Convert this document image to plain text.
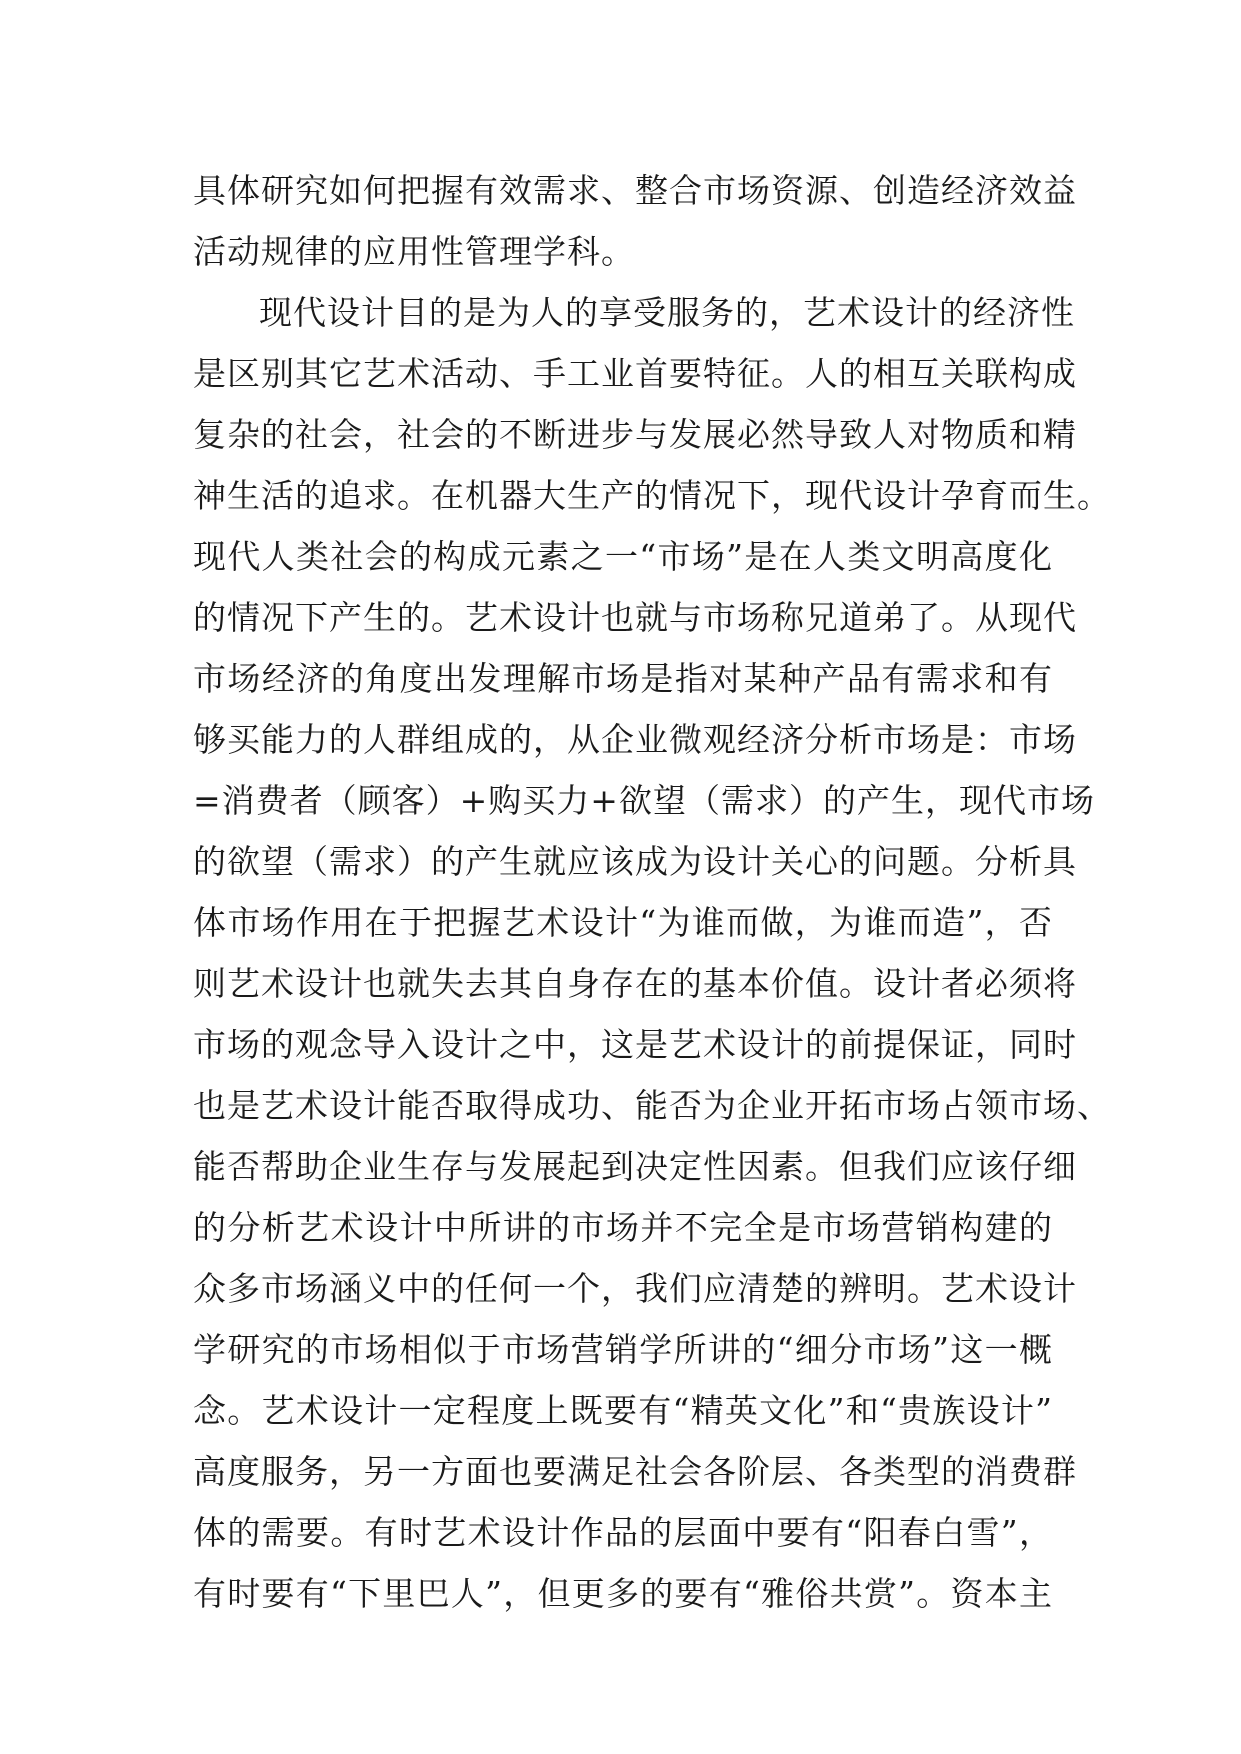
具体研究如何把握有效需求、整合市场资源、创造经济效益
活动规律的应用性管理学科。
现代设计目的是为人的享受服务的，艺术设计的经济性
是区别其它艺术活动、手工业首要特征。人的相互关联构成
复杂的社会，社会的不断进步与发展必然导致人对物质和精
神生活的追求。在机器大生产的情况下，现代设计孕育而生。
现代人类社会的构成元素之一“市场”是在人类文明高度化
的情况下产生的。艺术设计也就与市场称兄道弟了。从现代
市场经济的角度出发理解市场是指对某种产品有需求和有
够买能力的人群组成的，从企业微观经济分析市场是：市场
=消费者（顾客）+购买力+欲望（需求）的产生，现代市场
的欲望（需求）的产生就应该成为设计关心的问题。分析具
体市场作用在于把握艺术设计“为谁而做，为谁而造”，否
则艺术设计也就失去其自身存在的基本价值。设计者必须将
市场的观念导入设计之中，这是艺术设计的前提保证，同时
也是艺术设计能否取得成功、能否为企业开拓市场占领市场、
能否帮助企业生存与发展起到决定性因素。但我们应该仔细
的分析艺术设计中所讲的市场并不完全是市场营销构建的
众多市场涵义中的任何一个，我们应清楚的辨明。艺术设计
学研究的市场相似于市场营销学所讲的“细分市场”这一概
念。艺术设计一定程度上既要有“精英文化”和“贵族设计”
高度服务，另一方面也要满足社会各阶层、各类型的消费群
体的需要。有时艺术设计作品的层面中要有“阳春白雪”，
有时要有“下里巴人”，但更多的要有“雅俗共赏”。资本主
